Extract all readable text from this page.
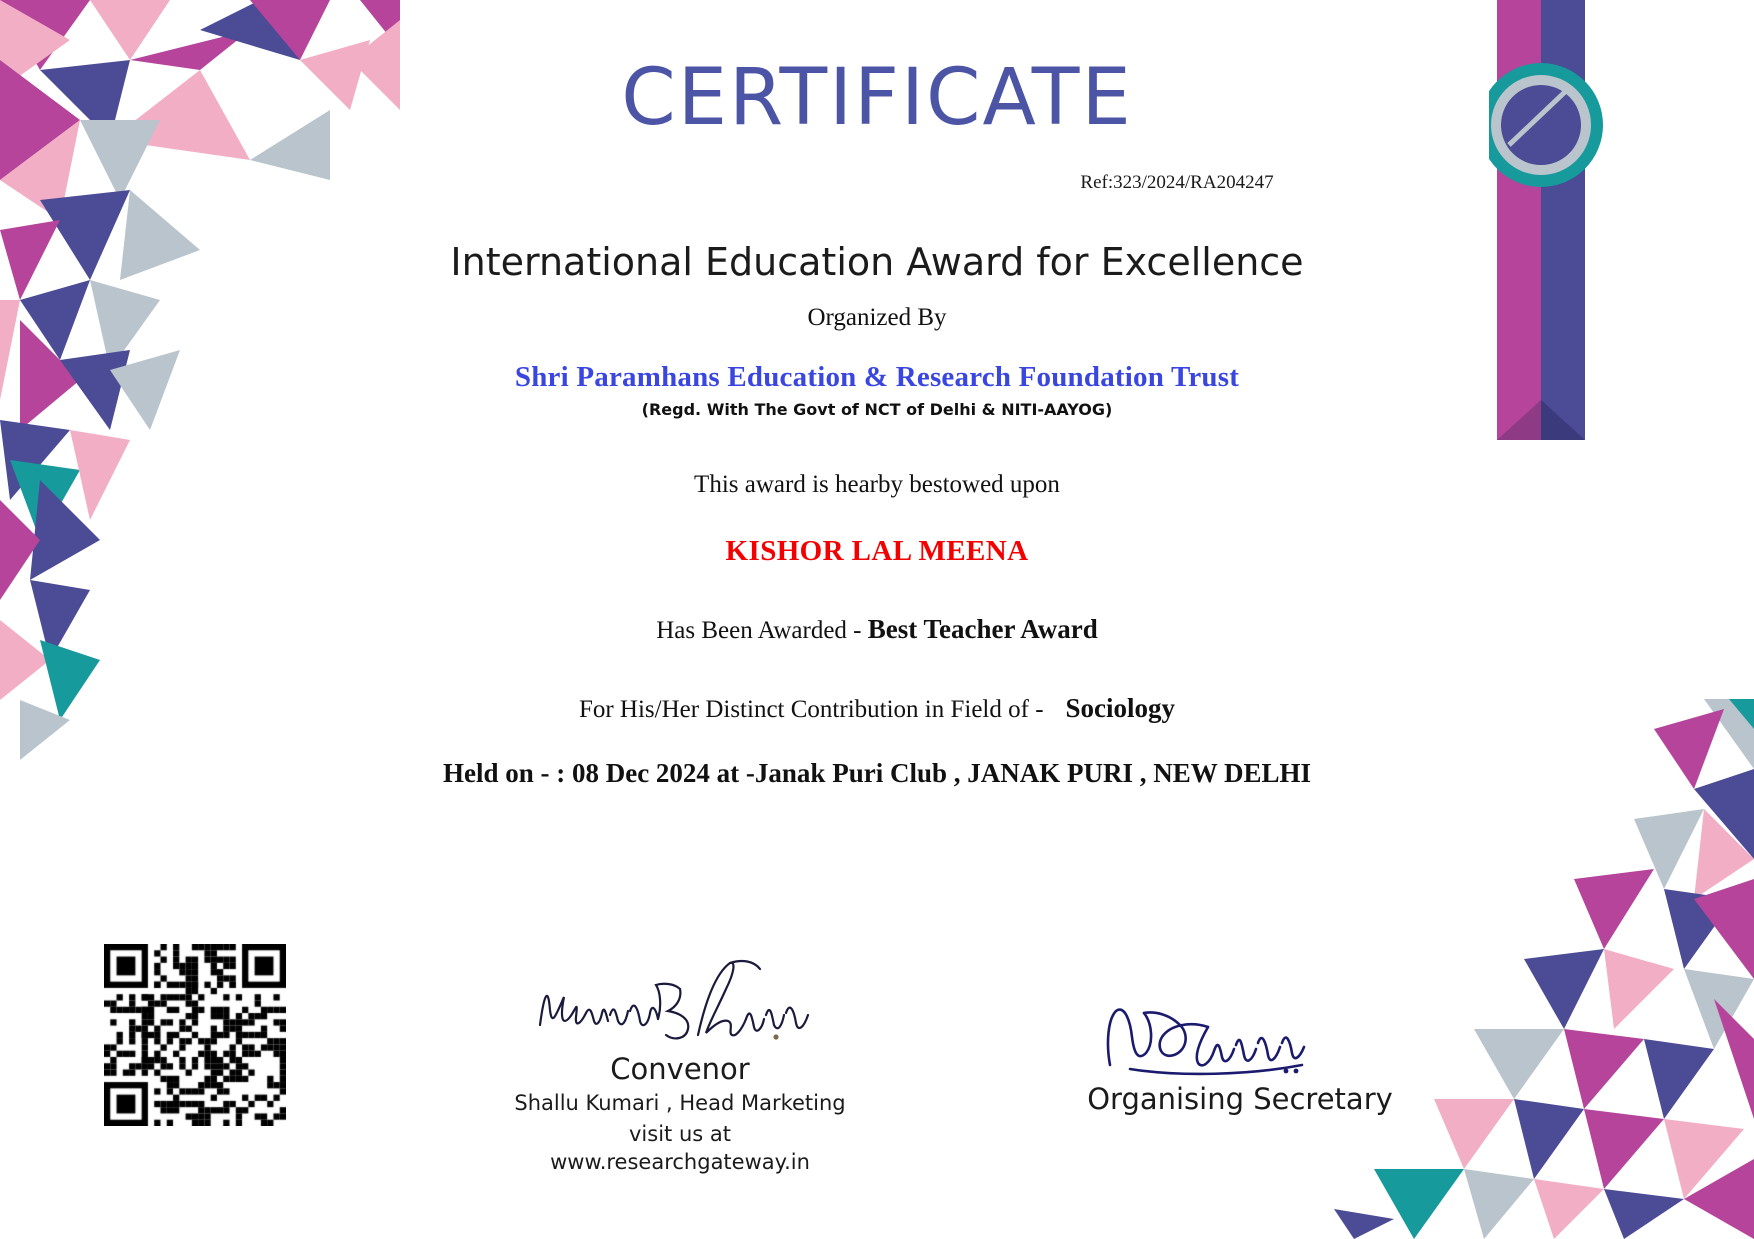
CERTIFICATE
Ref:323/2024/RA204247
International Education Award for Excellence
Organized By
Shri Paramhans Education & Research Foundation Trust
(Regd. With The Govt of NCT of Delhi & NITI-AAYOG)
This award is hearby bestowed upon
KISHOR LAL MEENA
Has Been Awarded - Best Teacher Award
For His/Her Distinct Contribution in Field of - Sociology
Held on - : 08 Dec 2024 at -Janak Puri Club , JANAK PURI , NEW DELHI
Convenor
Shallu Kumari , Head Marketing
visit us at www.researchgateway.in
Organising Secretary
